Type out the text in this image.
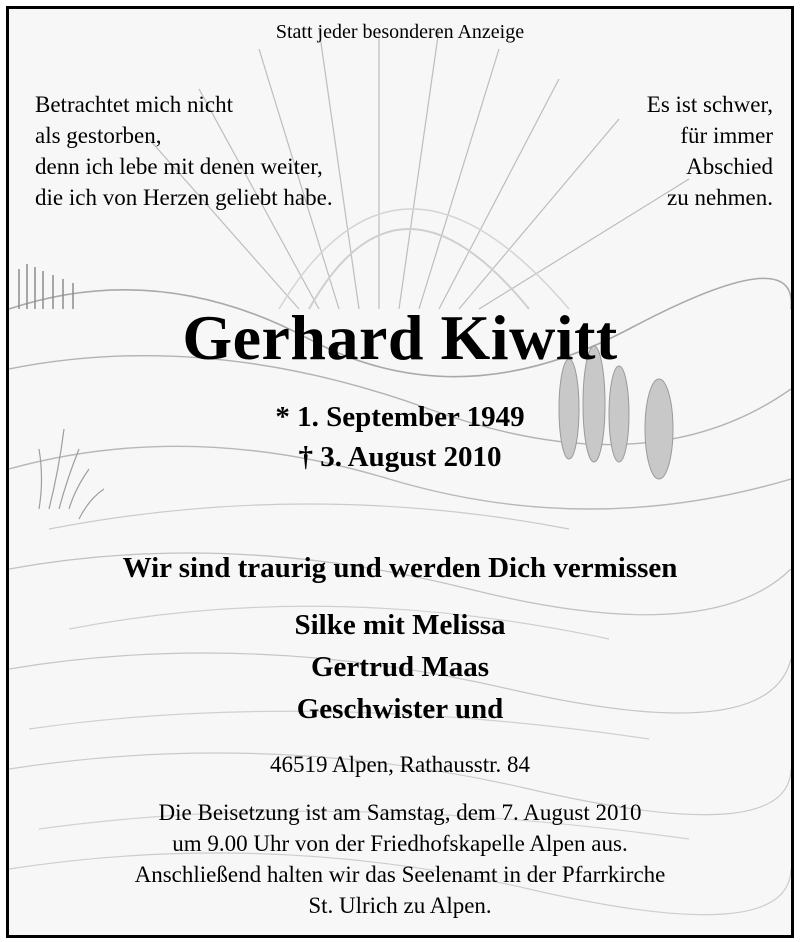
Statt jeder besonderen Anzeige
Betrachtet mich nicht
als gestorben,
denn ich lebe mit denen weiter,
die ich von Herzen geliebt habe.
Es ist schwer,
für immer
Abschied
zu nehmen.
Gerhard Kiwitt
* 1. September 1949
† 3. August 2010
Wir sind traurig und werden Dich vermissen
Silke mit Melissa
Gertrud Maas
Geschwister und
46519 Alpen, Rathausstr. 84
Die Beisetzung ist am Samstag, dem 7. August 2010
um 9.00 Uhr von der Friedhofskapelle Alpen aus.
Anschließend halten wir das Seelenamt in der Pfarrkirche
St. Ulrich zu Alpen.
